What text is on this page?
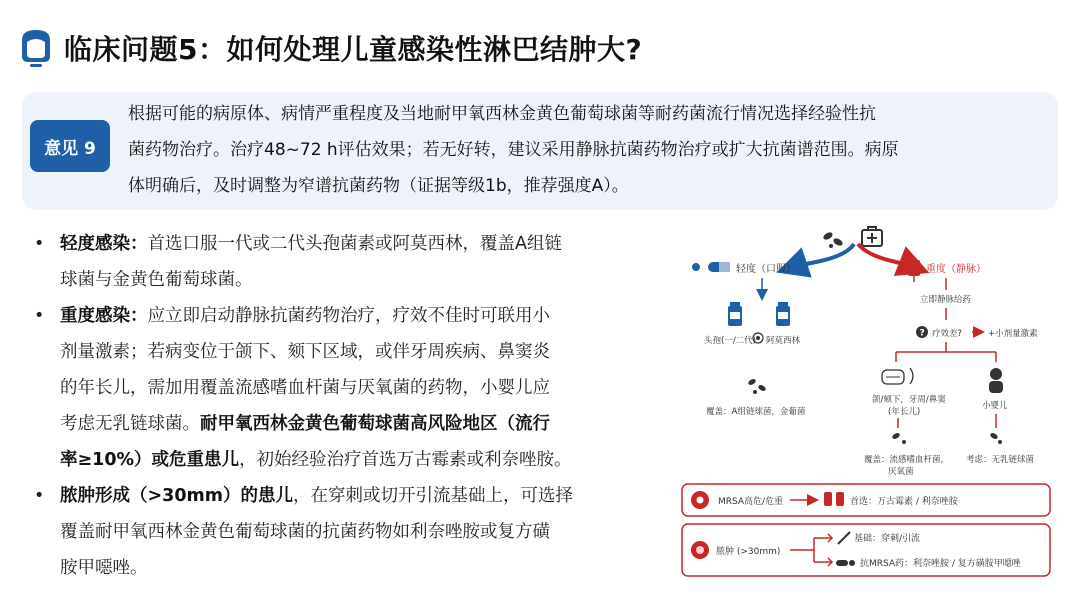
临床问题5：如何处理儿童感染性淋巴结肿大?
意见 9
根据可能的病原体、病情严重程度及当地耐甲氧西林金黄色葡萄球菌等耐药菌流行情况选择经验性抗
菌药物治疗。治疗48~72 h评估效果；若无好转，建议采用静脉抗菌药物治疗或扩大抗菌谱范围。病原
体明确后，及时调整为窄谱抗菌药物（证据等级1b，推荐强度A）。
• 轻度感染：首选口服一代或二代头孢菌素或阿莫西林，覆盖A组链
球菌与金黄色葡萄球菌。
• 重度感染：应立即启动静脉抗菌药物治疗，疗效不佳时可联用小
剂量激素；若病变位于颌下、颏下区域，或伴牙周疾病、鼻窦炎
的年长儿，需加用覆盖流感嗜血杆菌与厌氧菌的药物，小婴儿应
考虑无乳链球菌。耐甲氧西林金黄色葡萄球菌高风险地区（流行
率≥10%）或危重患儿，初始经验治疗首选万古霉素或利奈唑胺。
• 脓肿形成（>30mm）的患儿，在穿刺或切开引流基础上，可选择
覆盖耐甲氧西林金黄色葡萄球菌的抗菌药物如利奈唑胺或复方磺
胺甲噁唑。
轻度（口服）
头孢(一/二代) 阿莫西林
覆盖：A组链球菌，金葡菌
重度（静脉）
立即静脉给药
? 疗效差?	+小剂量激素
颌/颏下，牙周/鼻窦
(年长儿)
小婴儿
覆盖：流感嗜血杆菌，
厌氧菌
考虑：无乳链球菌
MRSA高危/危重	首选：万古霉素 / 利奈唑胺
脓肿 (>30mm)
基础：穿刺/引流
抗MRSA药：利奈唑胺 / 复方磺胺甲噁唑
